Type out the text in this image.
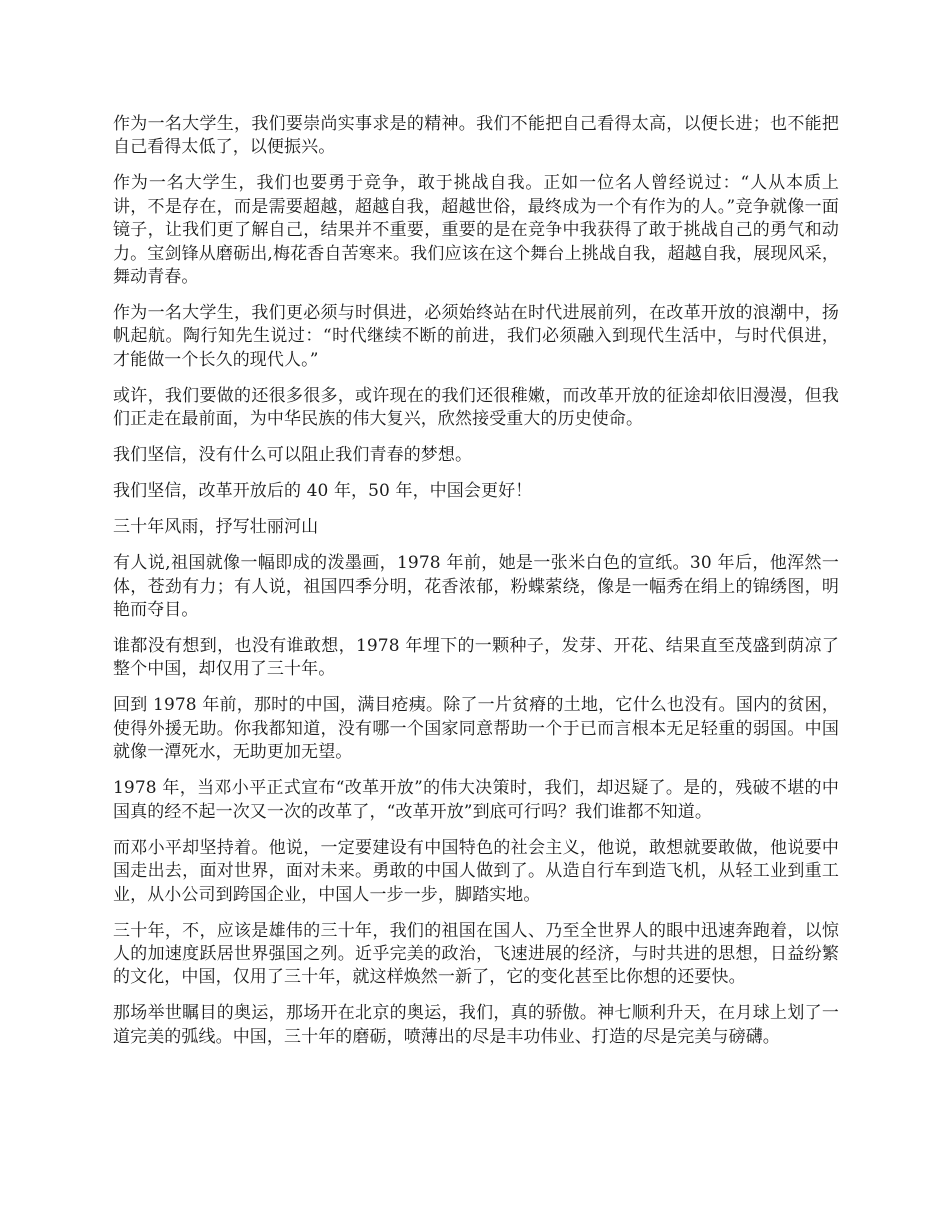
作为一名大学生，我们要崇尚实事求是的精神。我们不能把自己看得太高，以便长进；也不能把自己看得太低了，以便振兴。

作为一名大学生，我们也要勇于竞争，敢于挑战自我。正如一位名人曾经说过：“人从本质上讲，不是存在，而是需要超越，超越自我，超越世俗，最终成为一个有作为的人。”竞争就像一面镜子，让我们更了解自己，结果并不重要，重要的是在竞争中我获得了敢于挑战自己的勇气和动力。宝剑锋从磨砺出,梅花香自苦寒来。我们应该在这个舞台上挑战自我，超越自我，展现风采，舞动青春。

作为一名大学生，我们更必须与时俱进，必须始终站在时代进展前列，在改革开放的浪潮中，扬帆起航。陶行知先生说过：“时代继续不断的前进，我们必须融入到现代生活中，与时代俱进，才能做一个长久的现代人。”

或许，我们要做的还很多很多，或许现在的我们还很稚嫩，而改革开放的征途却依旧漫漫，但我们正走在最前面，为中华民族的伟大复兴，欣然接受重大的历史使命。

我们坚信，没有什么可以阻止我们青春的梦想。

我们坚信，改革开放后的 40 年，50 年，中国会更好！

三十年风雨，抒写壮丽河山

有人说,祖国就像一幅即成的泼墨画，1978 年前，她是一张米白色的宣纸。30 年后，他浑然一体，苍劲有力；有人说，祖国四季分明，花香浓郁，粉蝶萦绕，像是一幅秀在绢上的锦绣图，明艳而夺目。

谁都没有想到，也没有谁敢想，1978 年埋下的一颗种子，发芽、开花、结果直至茂盛到荫凉了整个中国，却仅用了三十年。

回到 1978 年前，那时的中国，满目疮痍。除了一片贫瘠的土地，它什么也没有。国内的贫困，使得外援无助。你我都知道，没有哪一个国家同意帮助一个于已而言根本无足轻重的弱国。中国就像一潭死水，无助更加无望。

1978 年，当邓小平正式宣布“改革开放”的伟大决策时，我们，却迟疑了。是的，残破不堪的中国真的经不起一次又一次的改革了，“改革开放”到底可行吗？我们谁都不知道。

而邓小平却坚持着。他说，一定要建设有中国特色的社会主义，他说，敢想就要敢做，他说要中国走出去，面对世界，面对未来。勇敢的中国人做到了。从造自行车到造飞机，从轻工业到重工业，从小公司到跨国企业，中国人一步一步，脚踏实地。

三十年，不，应该是雄伟的三十年，我们的祖国在国人、乃至全世界人的眼中迅速奔跑着，以惊人的加速度跃居世界强国之列。近乎完美的政治，飞速进展的经济，与时共进的思想，日益纷繁的文化，中国，仅用了三十年，就这样焕然一新了，它的变化甚至比你想的还要快。

那场举世瞩目的奥运，那场开在北京的奥运，我们，真的骄傲。神七顺利升天，在月球上划了一道完美的弧线。中国，三十年的磨砺，喷薄出的尽是丰功伟业、打造的尽是完美与磅礴。
